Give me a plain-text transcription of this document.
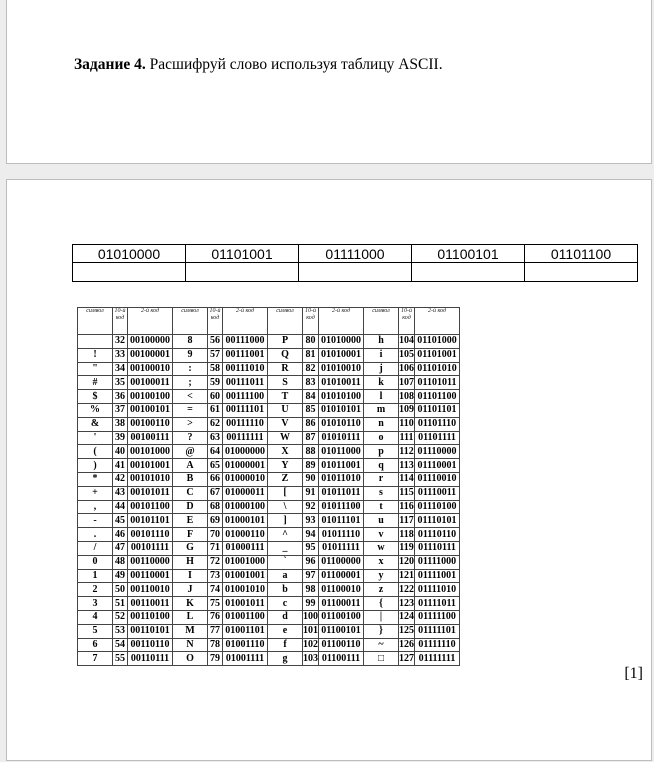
Задание 4. Расшифруй слово используя таблицу ASCII.
01010000	01101001	01111000	01100101	01101100

символ	10-й код	2-й код	символ	10-й код	2-й код	символ	10-й код	2-й код	символ	10-й код	2-й код
	32	00100000	8	56	00111000	P	80	01010000	h	104	01101000
!	33	00100001	9	57	00111001	Q	81	01010001	i	105	01101001
"	34	00100010	:	58	00111010	R	82	01010010	j	106	01101010
#	35	00100011	;	59	00111011	S	83	01010011	k	107	01101011
$	36	00100100	<	60	00111100	T	84	01010100	l	108	01101100
%	37	00100101	=	61	00111101	U	85	01010101	m	109	01101101
&	38	00100110	>	62	00111110	V	86	01010110	n	110	01101110
'	39	00100111	?	63	00111111	W	87	01010111	o	111	01101111
(	40	00101000	@	64	01000000	X	88	01011000	p	112	01110000
)	41	00101001	A	65	01000001	Y	89	01011001	q	113	01110001
*	42	00101010	B	66	01000010	Z	90	01011010	r	114	01110010
+	43	00101011	C	67	01000011	[	91	01011011	s	115	01110011
,	44	00101100	D	68	01000100	\	92	01011100	t	116	01110100
-	45	00101101	E	69	01000101	]	93	01011101	u	117	01110101
.	46	00101110	F	70	01000110	^	94	01011110	v	118	01110110
/	47	00101111	G	71	01000111	_	95	01011111	w	119	01110111
0	48	00110000	H	72	01001000	`	96	01100000	x	120	01111000
1	49	00110001	I	73	01001001	a	97	01100001	y	121	01111001
2	50	00110010	J	74	01001010	b	98	01100010	z	122	01111010
3	51	00110011	K	75	01001011	c	99	01100011	{	123	01111011
4	52	00110100	L	76	01001100	d	100	01100100	|	124	01111100
5	53	00110101	M	77	01001101	e	101	01100101	}	125	01111101
6	54	00110110	N	78	01001110	f	102	01100110	~	126	01111110
7	55	00110111	O	79	01001111	g	103	01100111	□	127	01111111
[1]
